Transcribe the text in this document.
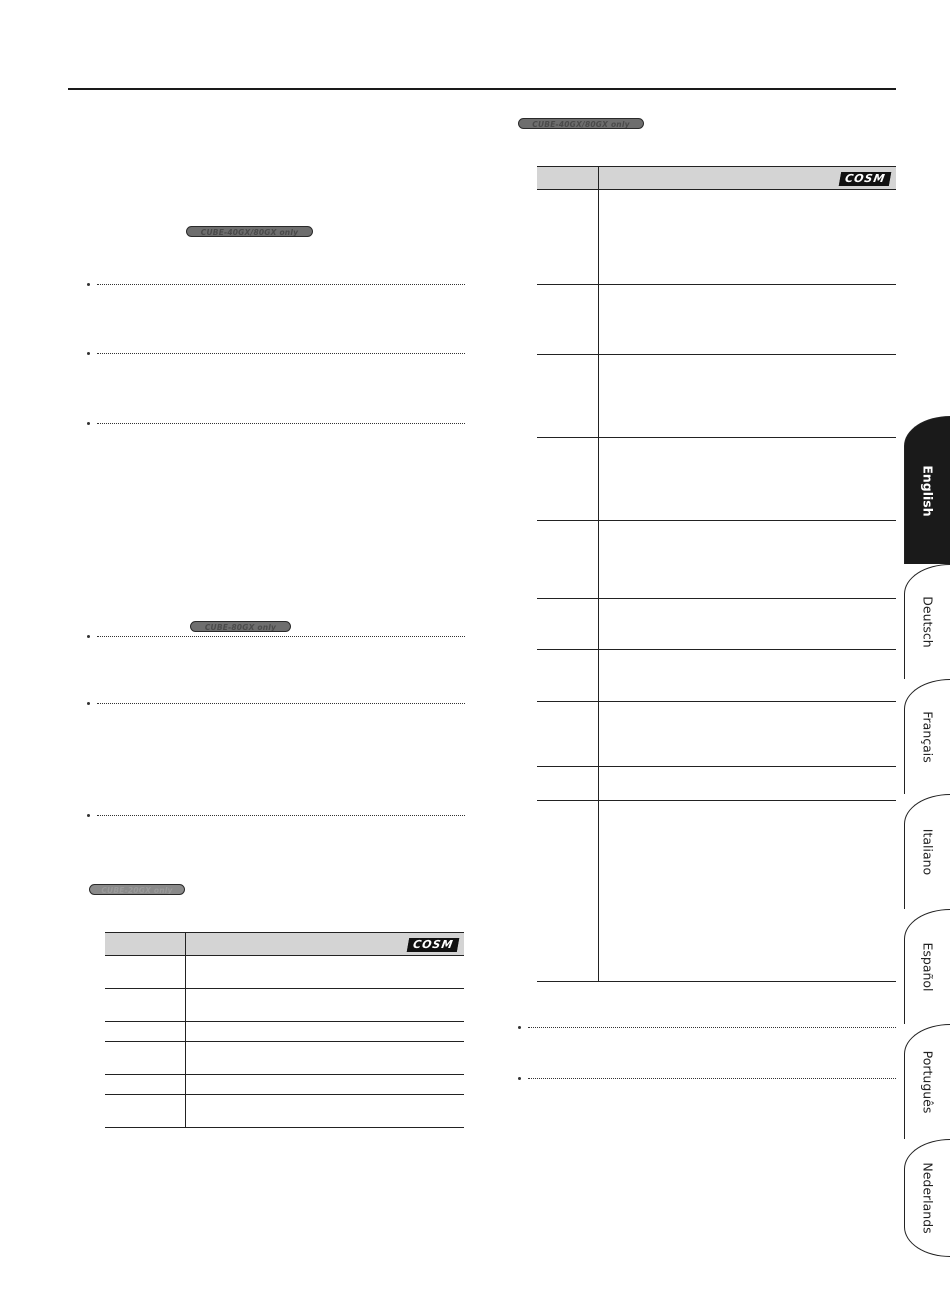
CUBE-40GX/80GX only
CUBE-80GX only
CUBE-20GX only

	COSM

CUBE-40GX/80GX only

	COSM

English
Deutsch
Français
Italiano
Español
Português
Nederlands
